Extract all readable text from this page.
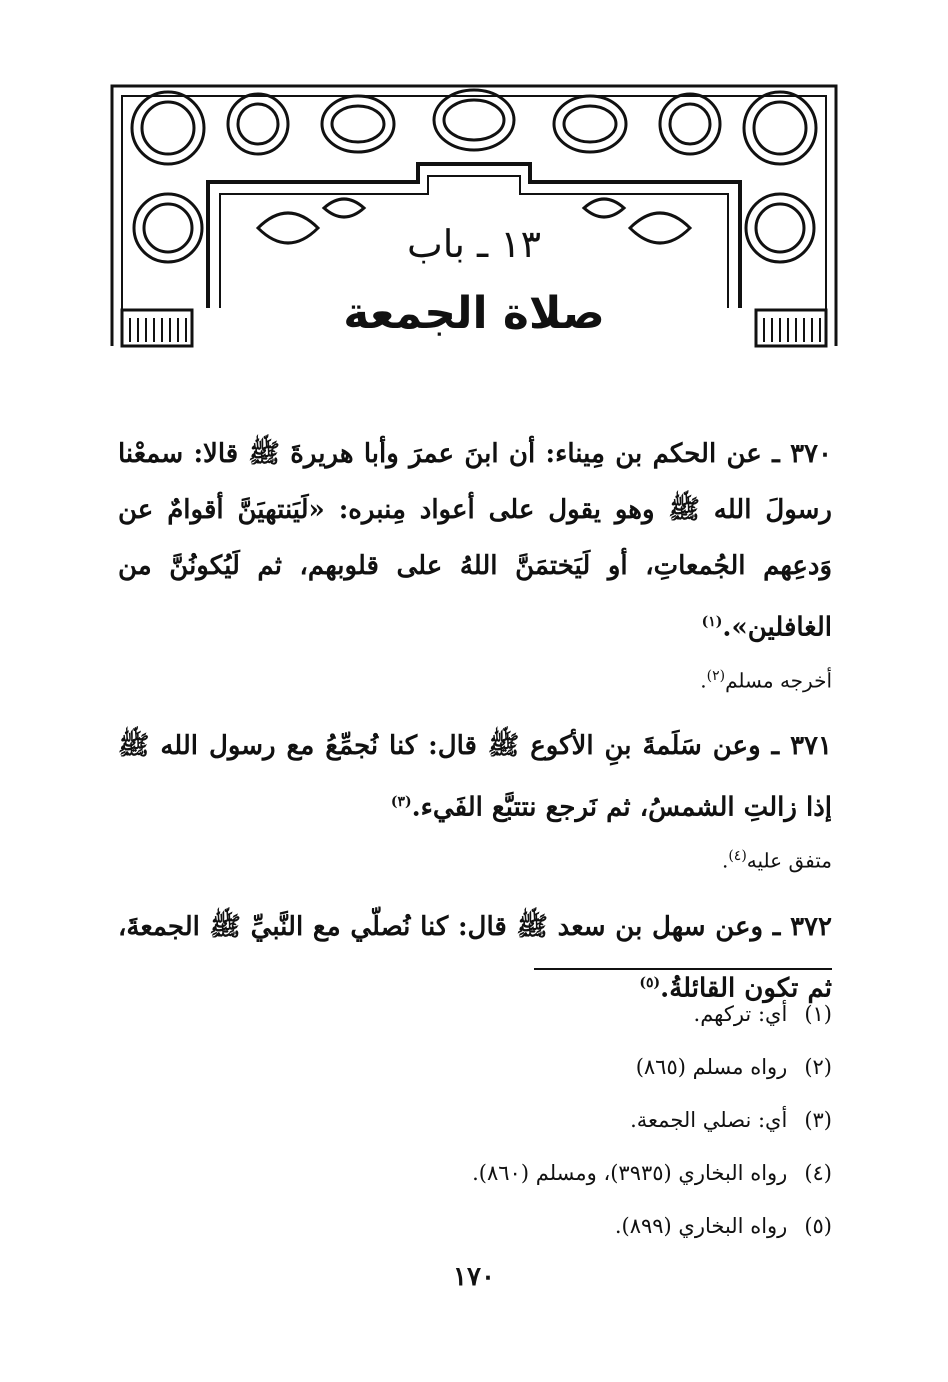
١٣ ـ باب
صلاة الجمعة
٣٧٠ ـ عن الحكم بن مِيناء: أن ابنَ عمرَ وأبا هريرةَ ﷺ قالا: سمعْنا رسولَ الله ﷺ وهو يقول على أعواد مِنبره: «لَيَنتهيَنَّ أقوامٌ عن وَدعِهم الجُمعاتِ، أو لَيَختمَنَّ اللهُ على قلوبهم، ثم لَيُكونُنَّ من الغافلين».$^{(١)}$
أخرجه مسلم$^{(٢)}$.
٣٧١ ـ وعن سَلَمةَ بنِ الأكوع ﷺ قال: كنا نُجمِّعُ مع رسول الله ﷺ إذا زالتِ الشمسُ، ثم نَرجع نتتبَّع الفَيء.$^{(٣)}$
متفق عليه$^{(٤)}$.
٣٧٢ ـ وعن سهل بن سعد ﷺ قال: كنا نُصلّي مع النَّبيِّ ﷺ الجمعةَ، ثم تكون القائلةُ.$^{(٥)}$
(١) أي: تركهم.
(٢) رواه مسلم (٨٦٥)
(٣) أي: نصلي الجمعة.
(٤) رواه البخاري (٣٩٣٥)، ومسلم (٨٦٠).
(٥) رواه البخاري (٨٩٩).
١٧٠
